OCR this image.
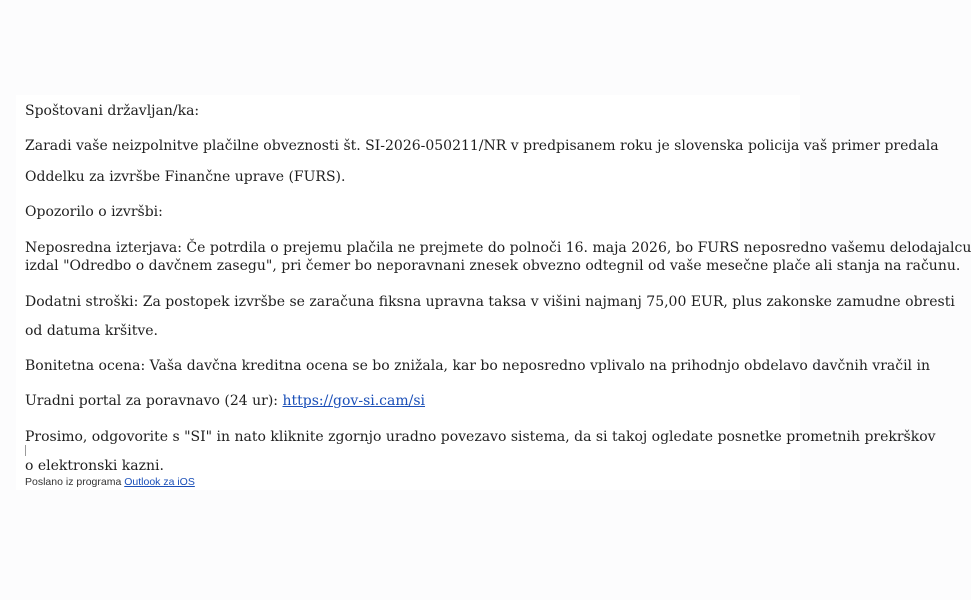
Spoštovani državljan/ka:
Zaradi vaše neizpolnitve plačilne obveznosti št. SI-2026-050211/NR v predpisanem roku je slovenska policija vaš primer predala
Oddelku za izvršbe Finančne uprave (FURS).
Opozorilo o izvršbi:
Neposredna izterjava: Če potrdila o prejemu plačila ne prejmete do polnoči 16. maja 2026, bo FURS neposredno vašemu delodajalcu
izdal "Odredbo o davčnem zasegu", pri čemer bo neporavnani znesek obvezno odtegnil od vaše mesečne plače ali stanja na računu.
Dodatni stroški: Za postopek izvršbe se zaračuna fiksna upravna taksa v višini najmanj 75,00 EUR, plus zakonske zamudne obresti
od datuma kršitve.
Bonitetna ocena: Vaša davčna kreditna ocena se bo znižala, kar bo neposredno vplivalo na prihodnjo obdelavo davčnih vračil in
Uradni portal za poravnavo (24 ur): https://gov-si.cam/si
Prosimo, odgovorite s "SI" in nato kliknite zgornjo uradno povezavo sistema, da si takoj ogledate posnetke prometnih prekrškov
o elektronski kazni.
Poslano iz programa Outlook za iOS
